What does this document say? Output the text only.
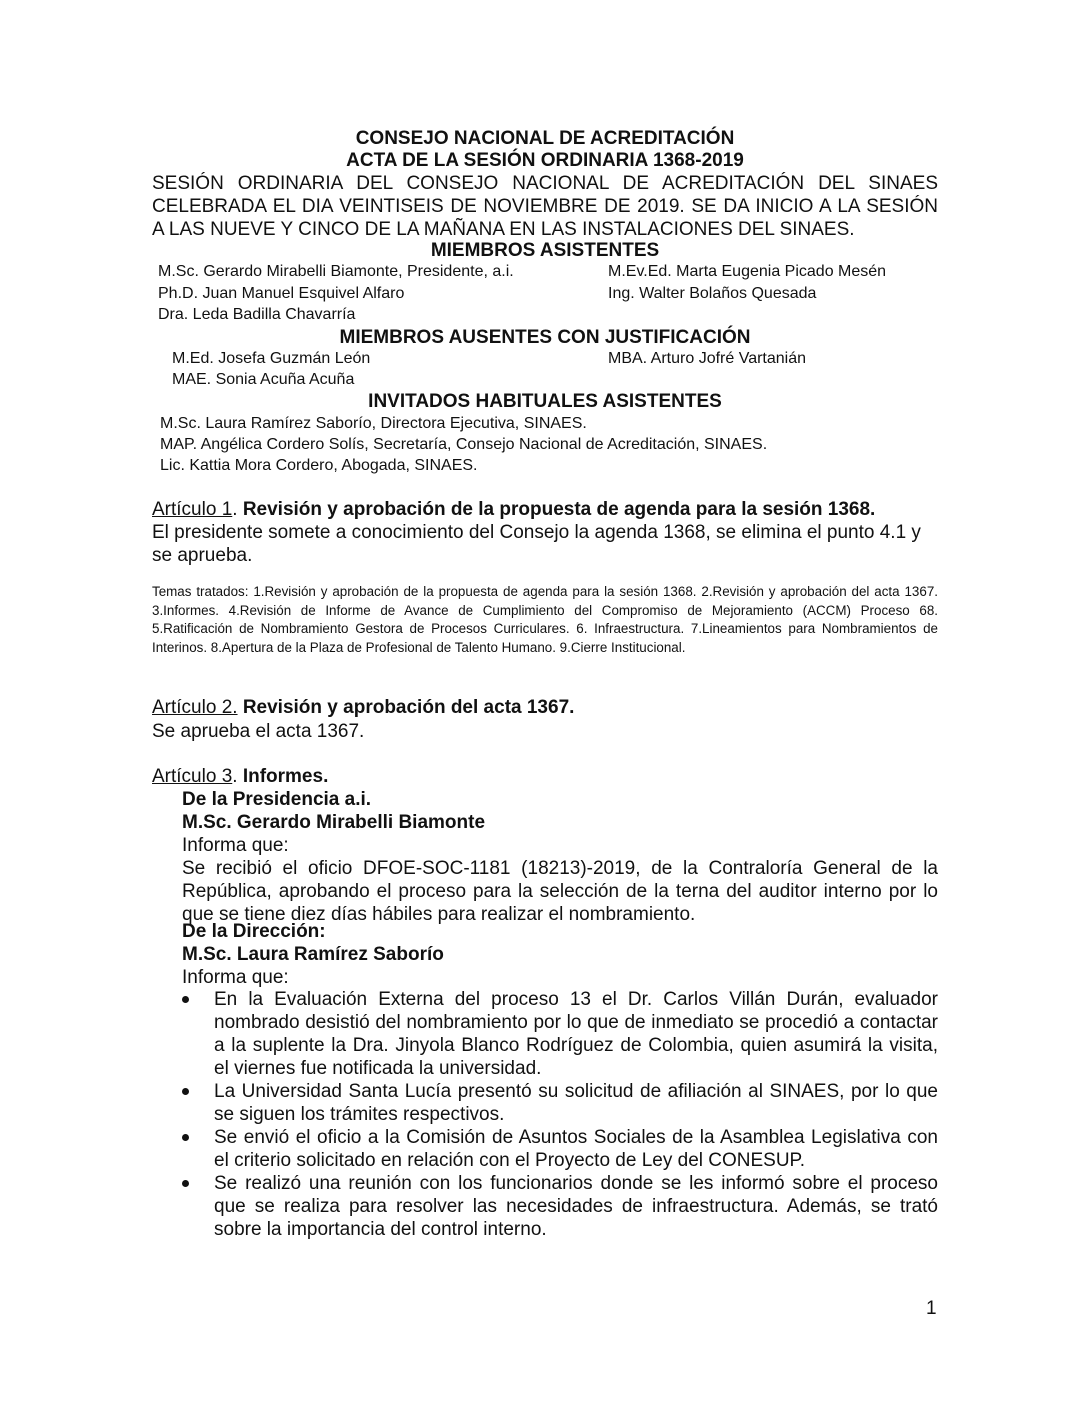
CONSEJO NACIONAL DE ACREDITACIÓN

ACTA DE LA SESIÓN ORDINARIA 1368-2019

SESIÓN ORDINARIA DEL CONSEJO NACIONAL DE ACREDITACIÓN DEL SINAES
CELEBRADA EL DIA VEINTISEIS DE NOVIEMBRE DE 2019. SE DA INICIO A LA SESIÓN
A LAS NUEVE Y CINCO DE LA MAÑANA EN LAS INSTALACIONES DEL SINAES.
MIEMBROS ASISTENTES
M.Sc. Gerardo Mirabelli Biamonte, Presidente, a.i.	M.Ev.Ed. Marta Eugenia Picado Mesén
Ph.D. Juan Manuel Esquivel Alfaro	Ing. Walter Bolaños Quesada
Dra. Leda Badilla Chavarría
MIEMBROS AUSENTES CON JUSTIFICACIÓN
M.Ed. Josefa Guzmán León	MBA. Arturo Jofré Vartanián
MAE. Sonia Acuña Acuña
INVITADOS HABITUALES ASISTENTES
M.Sc. Laura Ramírez Saborío, Directora Ejecutiva, SINAES.
MAP. Angélica Cordero Solís, Secretaría, Consejo Nacional de Acreditación, SINAES.
Lic. Kattia Mora Cordero, Abogada, SINAES.
Artículo 1. Revisión y aprobación de la propuesta de agenda para la sesión 1368.
El presidente somete a conocimiento del Consejo la agenda 1368, se elimina el punto 4.1 y se aprueba.
Temas tratados: 1.Revisión y aprobación de la propuesta de agenda para la sesión 1368. 2.Revisión y aprobación del acta 1367. 3.Informes. 4.Revisión de Informe de Avance de Cumplimiento del Compromiso de Mejoramiento (ACCM) Proceso 68. 5.Ratificación de Nombramiento Gestora de Procesos Curriculares. 6. Infraestructura. 7.Lineamientos para Nombramientos de Interinos. 8.Apertura de la Plaza de Profesional de Talento Humano. 9.Cierre Institucional.
Artículo 2. Revisión y aprobación del acta 1367.
Se aprueba el acta 1367.
Artículo 3. Informes.
De la Presidencia a.i.
M.Sc. Gerardo Mirabelli Biamonte
Informa que:
Se recibió el oficio DFOE-SOC-1181 (18213)-2019, de la Contraloría General de la República, aprobando el proceso para la selección de la terna del auditor interno por lo que se tiene diez días hábiles para realizar el nombramiento.
De la Dirección:
M.Sc. Laura Ramírez Saborío
Informa que:
En la Evaluación Externa del proceso 13 el Dr. Carlos Villán Durán, evaluador nombrado desistió del nombramiento por lo que de inmediato se procedió a contactar a la suplente la Dra. Jinyola Blanco Rodríguez de Colombia, quien asumirá la visita, el viernes fue notificada la universidad.
La Universidad Santa Lucía presentó su solicitud de afiliación al SINAES, por lo que se siguen los trámites respectivos.
Se envió el oficio a la Comisión de Asuntos Sociales de la Asamblea Legislativa con el criterio solicitado en relación con el Proyecto de Ley del CONESUP.
Se realizó una reunión con los funcionarios donde se les informó sobre el proceso que se realiza para resolver las necesidades de infraestructura. Además, se trató sobre la importancia del control interno.
1
